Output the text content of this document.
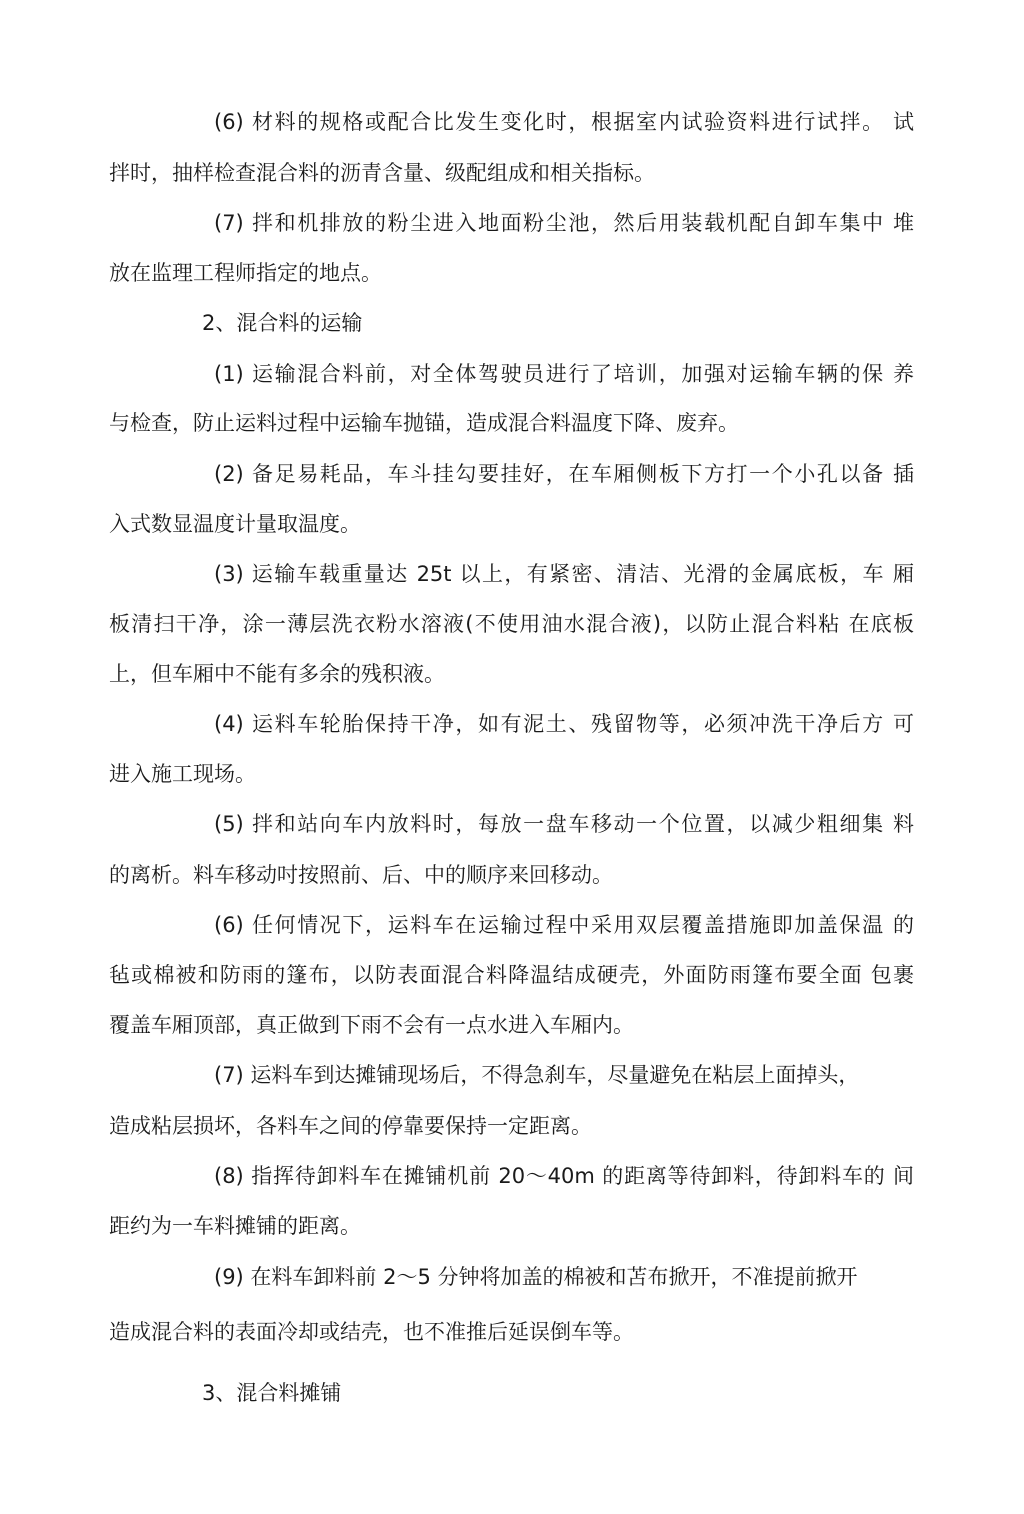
(6) 材料的规格或配合比发生变化时，根据室内试验资料进行试拌。 试
拌时，抽样检查混合料的沥青含量、级配组成和相关指标。
(7) 拌和机排放的粉尘进入地面粉尘池，然后用装载机配自卸车集中 堆
放在监理工程师指定的地点。
2、混合料的运输
(1) 运输混合料前，对全体驾驶员进行了培训，加强对运输车辆的保 养
与检查，防止运料过程中运输车抛锚，造成混合料温度下降、废弃。
(2) 备足易耗品，车斗挂勾要挂好，在车厢侧板下方打一个小孔以备 插
入式数显温度计量取温度。
(3) 运输车载重量达 25t 以上，有紧密、清洁、光滑的金属底板，车 厢
板清扫干净，涂一薄层洗衣粉水溶液(不使用油水混合液)，以防止混合料粘 在底板
上，但车厢中不能有多余的残积液。
(4) 运料车轮胎保持干净，如有泥土、残留物等，必须冲洗干净后方 可
进入施工现场。
(5) 拌和站向车内放料时，每放一盘车移动一个位置，以减少粗细集 料
的离析。料车移动吋按照前、后、中的顺序来回移动。
(6) 任何情况下，运料车在运输过程中采用双层覆盖措施即加盖保温 的
毡或棉被和防雨的篷布，以防表面混合料降温结成硬壳，外面防雨篷布要全面 包裹
覆盖车厢顶部，真正做到下雨不会有一点水进入车厢内。
(7) 运料车到达摊铺现场后，不得急刹车，尽量避免在粘层上面掉头，
造成粘层损坏，各料车之间的停靠要保持一定距离。
(8) 指挥待卸料车在摊铺机前 20～40m 的距离等待卸料，待卸料车的 间
距约为一车料摊铺的距离。
(9) 在料车卸料前 2～5 分钟将加盖的棉被和苫布掀开，不准提前掀开
造成混合料的表面冷却或结壳，也不准推后延误倒车等。
3、混合料摊铺
